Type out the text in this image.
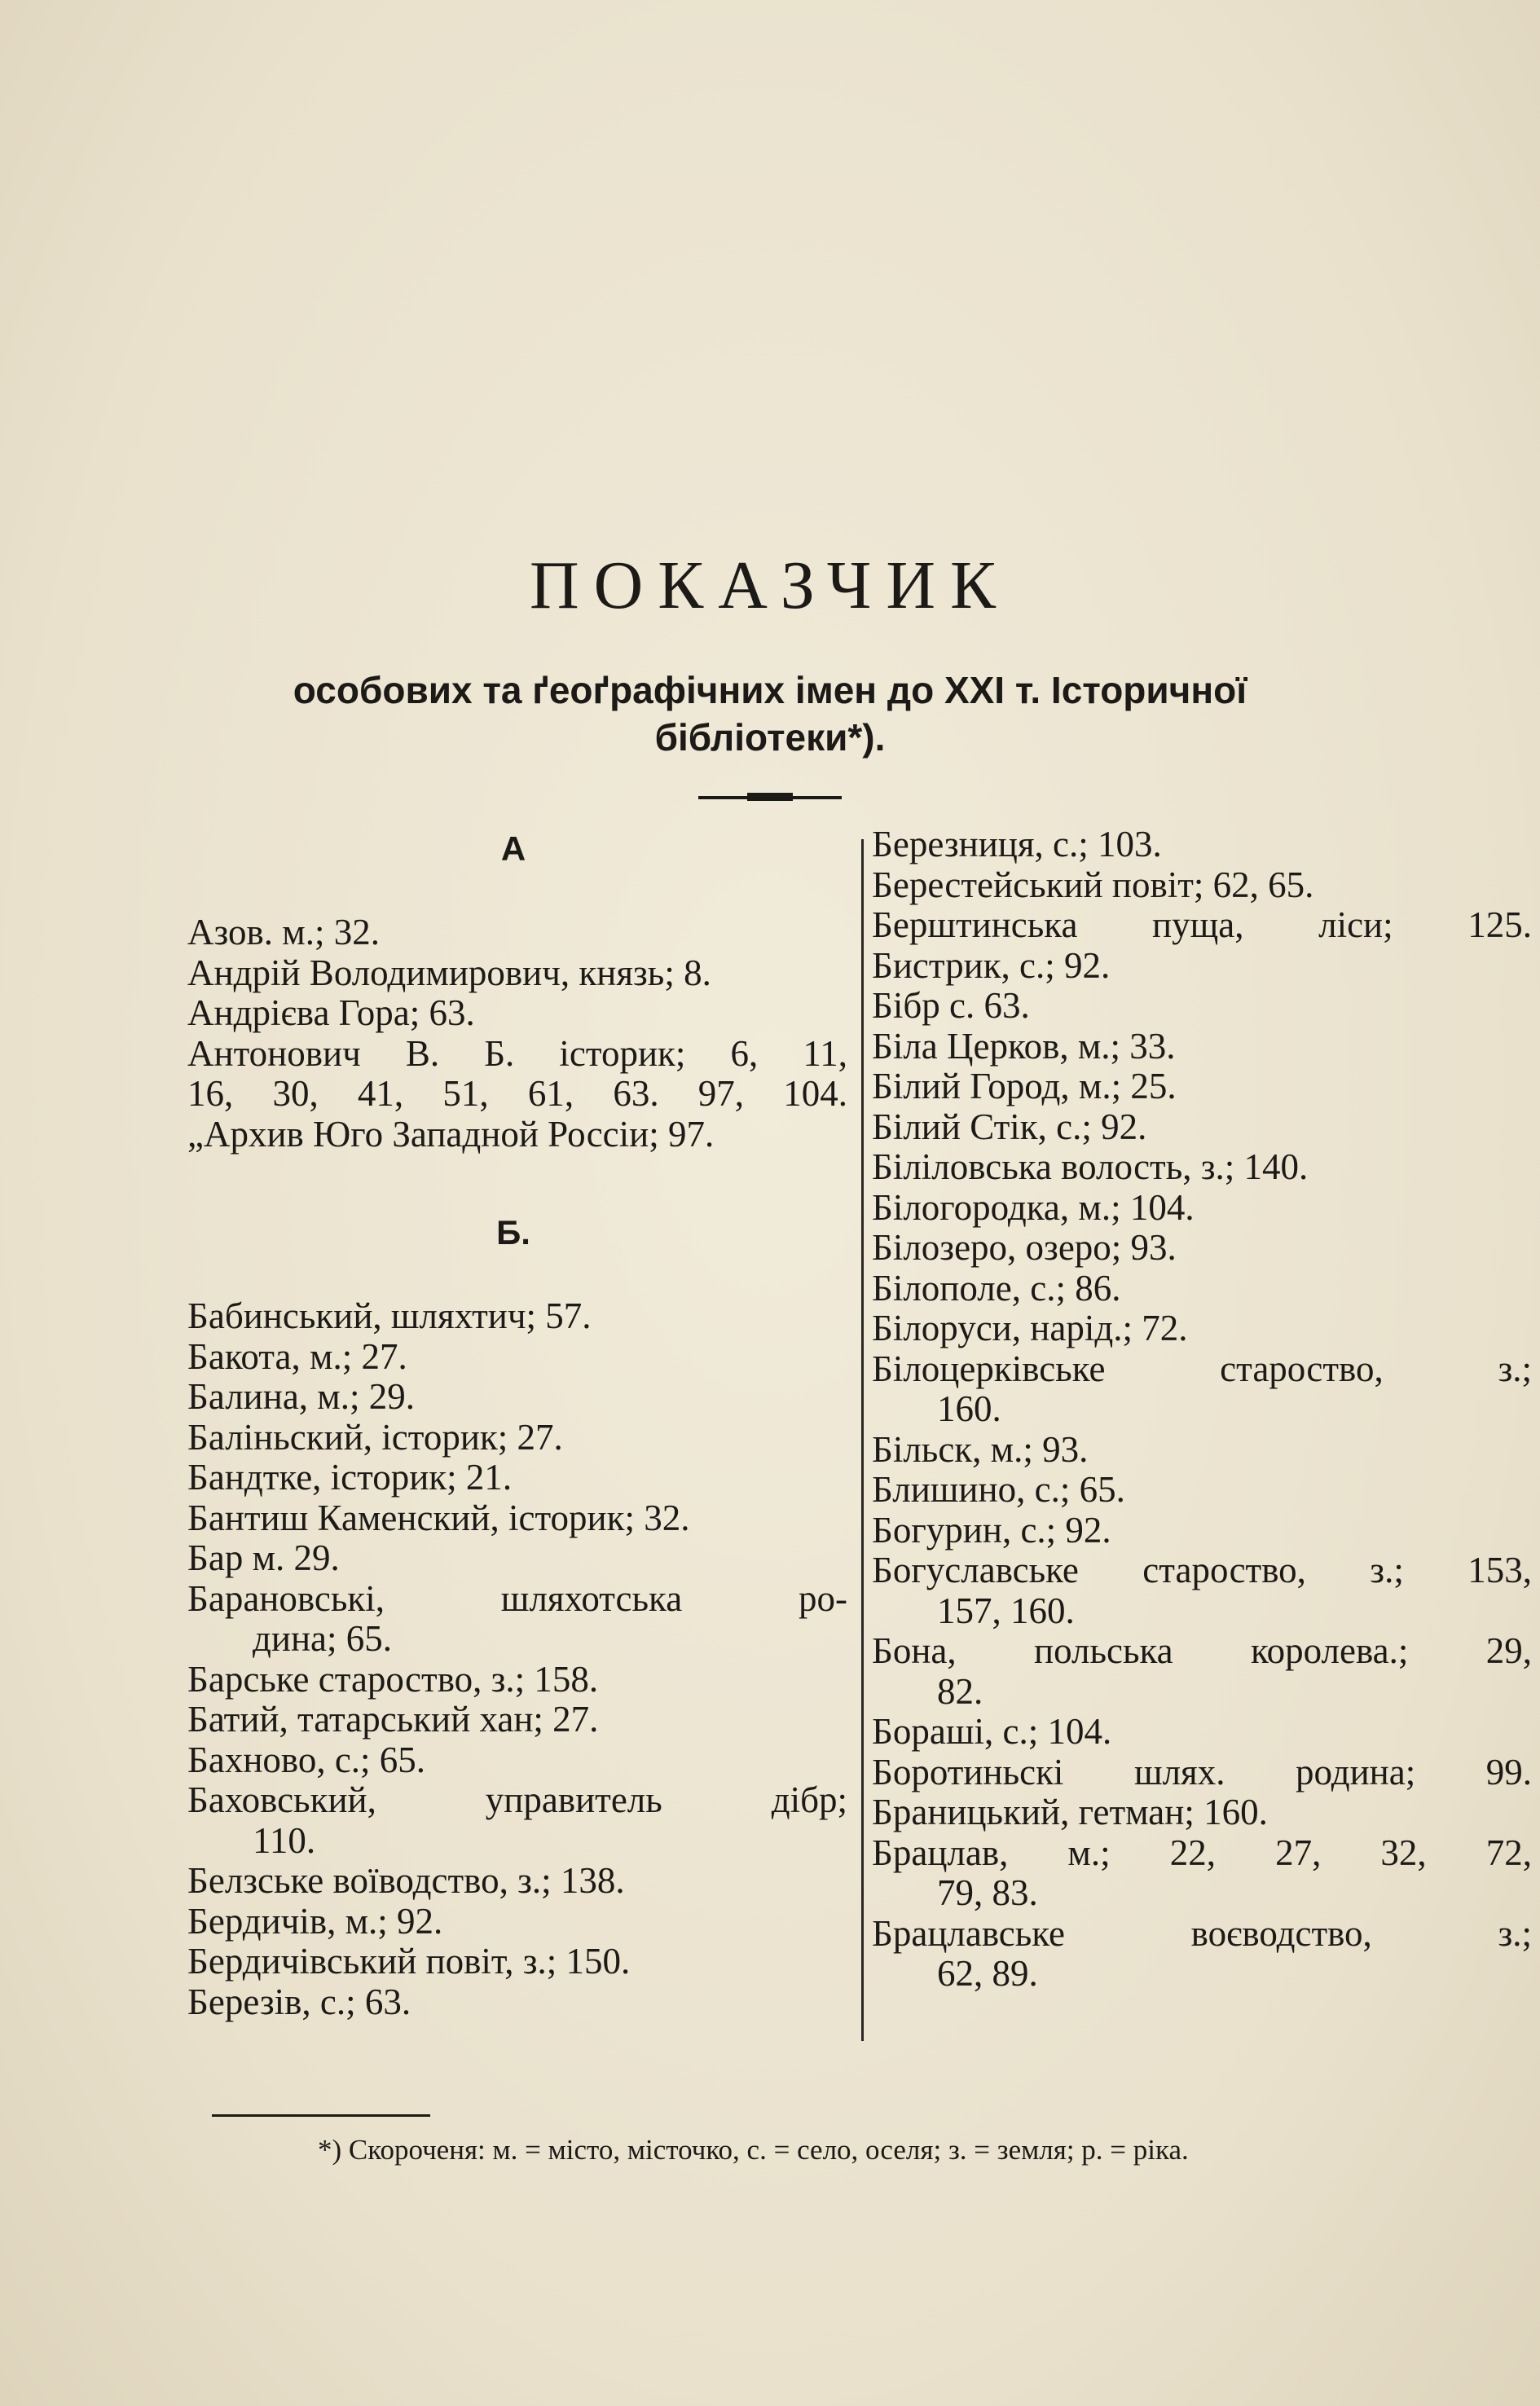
ПОКАЗЧИК
особових та ґеоґрафічних імен до XXI т. Історичної
бібліотеки*).
А
Азов. м.; 32.
Андрій Володимирович, князь; 8.
Андрієва Гора; 63.
Антонович В. Б. історик; 6, 11,
16, 30, 41, 51, 61, 63. 97, 104.
„Архив Юго Западной Россіи; 97.
Б.
Бабинський, шляхтич; 57.
Бакота, м.; 27.
Балина, м.; 29.
Баліньский, історик; 27.
Бандтке, історик; 21.
Бантиш Каменский, історик; 32.
Бар м. 29.
Барановські, шляхотська ро-
дина; 65.
Барське староство, з.; 158.
Батий, татарський хан; 27.
Бахново, с.; 65.
Баховський, управитель дібр;
110.
Белзське воїводство, з.; 138.
Бердичів, м.; 92.
Бердичівський повіт, з.; 150.
Березів, с.; 63.
Березниця, с.; 103.
Берестейський повіт; 62, 65.
Берштинська пуща, ліси; 125.
Бистрик, с.; 92.
Бібр с. 63.
Біла Церков, м.; 33.
Білий Город, м.; 25.
Білий Стік, с.; 92.
Біліловська волость, з.; 140.
Білогородка, м.; 104.
Білозеро, озеро; 93.
Білополе, с.; 86.
Білоруси, нарід.; 72.
Білоцерківське староство, з.;
160.
Більск, м.; 93.
Блишино, с.; 65.
Богурин, с.; 92.
Богуславське староство, з.; 153,
157, 160.
Бона, польська королева.; 29,
82.
Бораші, с.; 104.
Боротиньскі шлях. родина; 99.
Браницький, гетман; 160.
Брацлав, м.; 22, 27, 32, 72,
79, 83.
Брацлавське воєводство, з.;
62, 89.
*) Скороченя: м. = місто, місточко, с. = село, оселя; з. = земля; р. = ріка.
